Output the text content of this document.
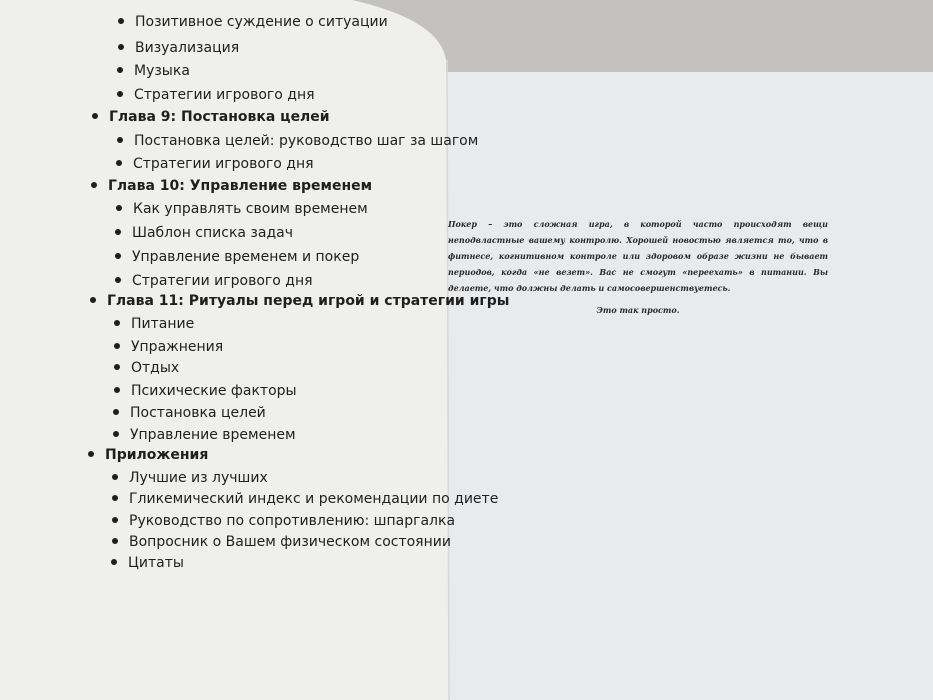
Позитивное суждение о ситуации
Визуализация
Музыка
Стратегии игрового дня
Глава 9: Постановка целей
Постановка целей: руководство шаг за шагом
Стратегии игрового дня
Глава 10: Управление временем
Как управлять своим временем
Шаблон списка задач
Управление временем и покер
Стратегии игрового дня
Глава 11: Ритуалы перед игрой и стратегии игры
Питание
Упражнения
Отдых
Психические факторы
Постановка целей
Управление временем
Приложения
Лучшие из лучших
Гликемический индекс и рекомендации по диете
Руководство по сопротивлению: шпаргалка
Вопросник о Вашем физическом состоянии
Цитаты
Покер – это сложная игра, в которой часто происходят вещи неподвластные вашему контролю. Хорошей новостью является то, что в фитнесе, когнитивном контроле или здоровом образе жизни не бывает периодов, когда «не везет». Вас не смогут «переехать» в питании. Вы делаете, что должны делать и самосовершенствуетесь.
Это так просто.
